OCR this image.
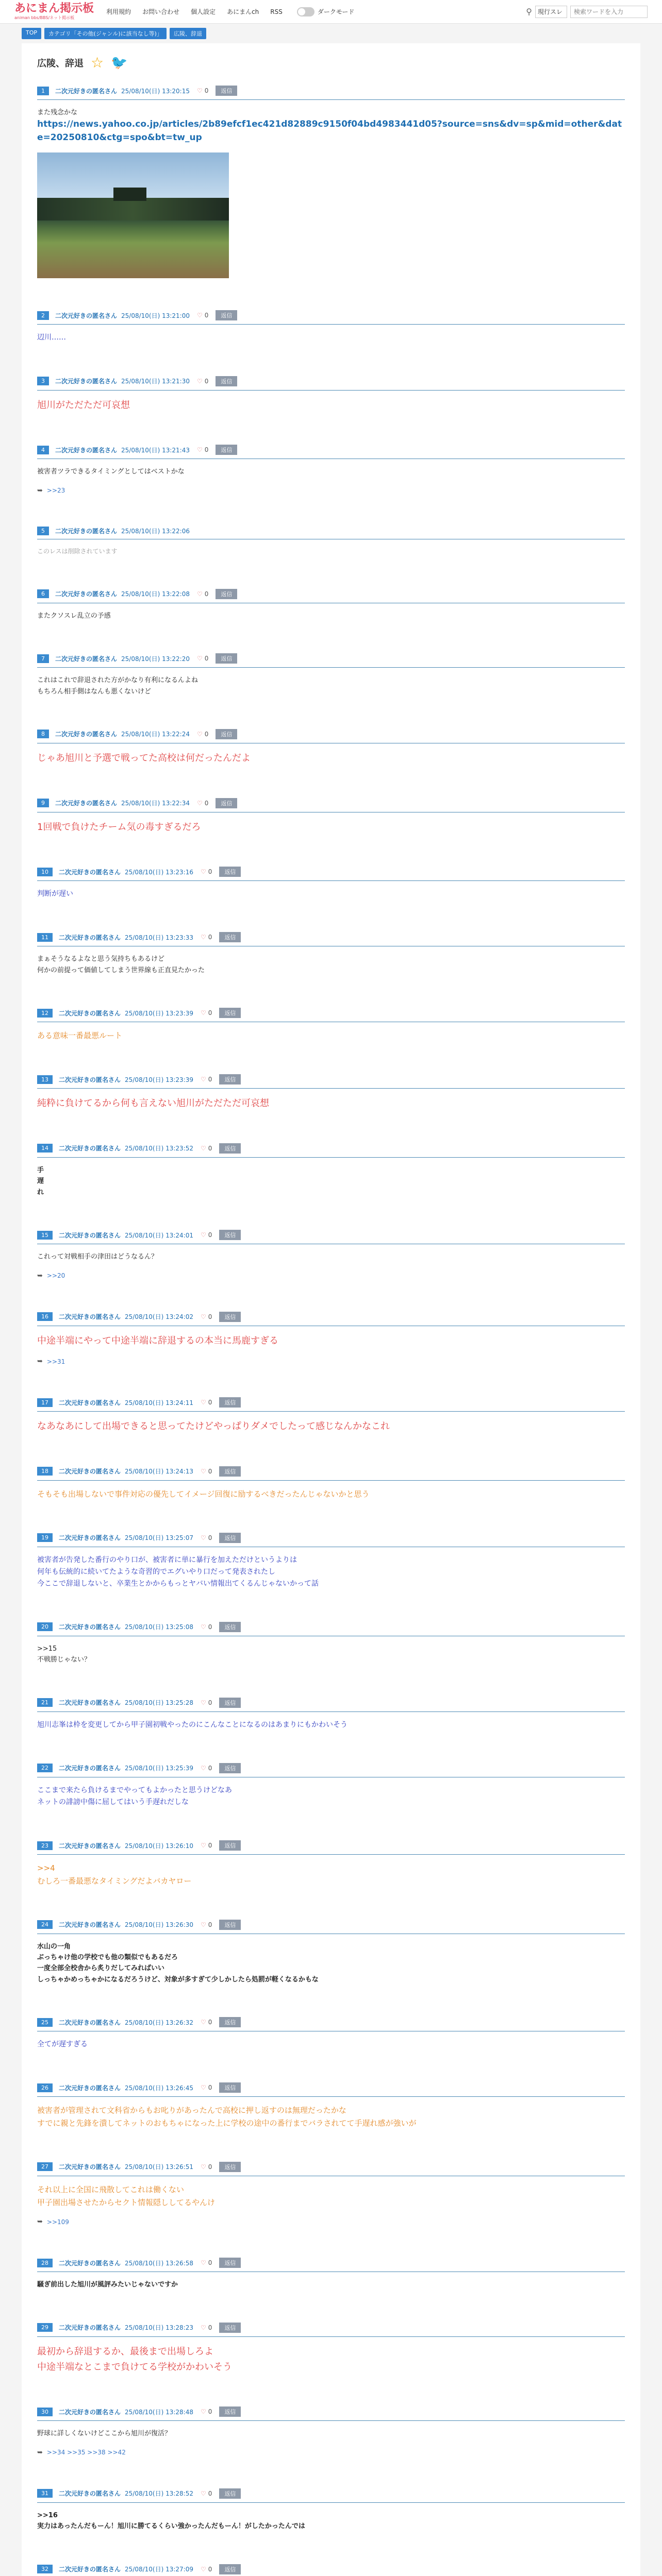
あにまん掲示板
animan bbs/BBS/ネット掲示板
利用規約 お問い合わせ 個人設定 あにまんch RSS	ダークモード	⚲ 現行スレ
検索ワードを入力
TOP	カテゴリ「その他(ジャンル)に該当なし等)」	広陵、辞退
広陵、辞退 ☆ 🐦
1	二次元好きの匿名さん 25/08/10(日) 13:20:15 ♡ 0	返信
また残念かな
https://news.yahoo.co.jp/articles/2b89efcf1ec421d82889c9150f04bd4983441d05?source=sns&dv=sp&mid=other&date=20250810&ctg=spo&bt=tw_up
2	二次元好きの匿名さん 25/08/10(日) 13:21:00 ♡ 0	返信
辺川……
3	二次元好きの匿名さん 25/08/10(日) 13:21:30 ♡ 0	返信
旭川がただただ可哀想
4	二次元好きの匿名さん 25/08/10(日) 13:21:43 ♡ 0	返信
被害者ツラできるタイミングとしてはベストかな
➥ >>23
5	二次元好きの匿名さん 25/08/10(日) 13:22:06
このレスは削除されています
6	二次元好きの匿名さん 25/08/10(日) 13:22:08 ♡ 0	返信
またクソスレ乱立の予感
7	二次元好きの匿名さん 25/08/10(日) 13:22:20 ♡ 0	返信
これはこれで辞退された方がかなり有利になるんよね
もちろん相手側はなんも悪くないけど
8	二次元好きの匿名さん 25/08/10(日) 13:22:24 ♡ 0	返信
じゃあ旭川と予選で戦ってた高校は何だったんだよ
9	二次元好きの匿名さん 25/08/10(日) 13:22:34 ♡ 0	返信
1回戦で負けたチーム気の毒すぎるだろ
10	二次元好きの匿名さん 25/08/10(日) 13:23:16 ♡ 0	返信
判断が遅い
11	二次元好きの匿名さん 25/08/10(日) 13:23:33 ♡ 0	返信
まぁそうなるよなと思う気持ちもあるけど
何かの前提って価値してしまう世界線も正直見たかった
12	二次元好きの匿名さん 25/08/10(日) 13:23:39 ♡ 0	返信
ある意味一番最悪ルート
13	二次元好きの匿名さん 25/08/10(日) 13:23:39 ♡ 0	返信
純粋に負けてるから何も言えない旭川がただただ可哀想
14	二次元好きの匿名さん 25/08/10(日) 13:23:52 ♡ 0	返信
手
遅
れ
15	二次元好きの匿名さん 25/08/10(日) 13:24:01 ♡ 0	返信
これって対戦相手の津田はどうなるん？
➥ >>20
16	二次元好きの匿名さん 25/08/10(日) 13:24:02 ♡ 0	返信
中途半端にやって中途半端に辞退するの本当に馬鹿すぎる
➥ >>31
17	二次元好きの匿名さん 25/08/10(日) 13:24:11 ♡ 0	返信
なあなあにして出場できると思ってたけどやっぱりダメでしたって感じなんかなこれ
18	二次元好きの匿名さん 25/08/10(日) 13:24:13 ♡ 0	返信
そもそも出場しないで事件対応の優先してイメージ回復に励するべきだったんじゃないかと思う
19	二次元好きの匿名さん 25/08/10(日) 13:25:07 ♡ 0	返信
被害者が告発した番行のやり口が、被害者に単に暴行を加えただけというよりは
何年も伝統的に続いてたような奇習的でエグいやり口だって発表されたし
今ここで辞退しないと、卒業生とかからもっとヤバい情報出てくるんじゃないかって話
20	二次元好きの匿名さん 25/08/10(日) 13:25:08 ♡ 0	返信
>>15
不戦勝じゃない？
21	二次元好きの匿名さん 25/08/10(日) 13:25:28 ♡ 0	返信
旭川志峯は枠を変更してから甲子園初戦やったのにこんなことになるのはあまりにもかわいそう
22	二次元好きの匿名さん 25/08/10(日) 13:25:39 ♡ 0	返信
ここまで来たら負けるまでやってもよかったと思うけどなあ
ネットの誹謗中傷に屈してはいう手遅れだしな
23	二次元好きの匿名さん 25/08/10(日) 13:26:10 ♡ 0	返信
>>4
むしろ一番最悪なタイミングだよバカヤロー
24	二次元好きの匿名さん 25/08/10(日) 13:26:30 ♡ 0	返信
水山の一角
ぶっちゃけ他の学校でも他の類似でもあるだろ
一度全部全校舎から炙りだしてみればいい
しっちゃかめっちゃかになるだろうけど、対象が多すぎて少しかしたら処罰が軽くなるかもな
25	二次元好きの匿名さん 25/08/10(日) 13:26:32 ♡ 0	返信
全てが遅すぎる
26	二次元好きの匿名さん 25/08/10(日) 13:26:45 ♡ 0	返信
被害者が管理されて文科省からもお叱りがあったんで高校に押し返すのは無理だったかな
すでに親と先鋒を潰してネットのおもちゃになった上に学校の途中の番行までバラされてて手遅れ感が強いが
27	二次元好きの匿名さん 25/08/10(日) 13:26:51 ♡ 0	返信
それ以上に全国に飛散してこれは働くない
甲子園出場させたからセクト情報隠ししてるやんけ
➥ >>109
28	二次元好きの匿名さん 25/08/10(日) 13:26:58 ♡ 0	返信
騒ぎ前出した旭川が風評みたいじゃないですか
29	二次元好きの匿名さん 25/08/10(日) 13:28:23 ♡ 0	返信
最初から辞退するか、最後まで出場しろよ
中途半端なとこまで負けてる学校がかわいそう
30	二次元好きの匿名さん 25/08/10(日) 13:28:48 ♡ 0	返信
野球に詳しくないけどここから旭川が復活？
➥ >>34 >>35 >>38 >>42
31	二次元好きの匿名さん 25/08/10(日) 13:28:52 ♡ 0	返信
>>16
実力はあったんだもーん！旭川に勝てるくらい強かったんだもーん！がしたかったんでは
32	二次元好きの匿名さん 25/08/10(日) 13:27:09 ♡ 0	返信
